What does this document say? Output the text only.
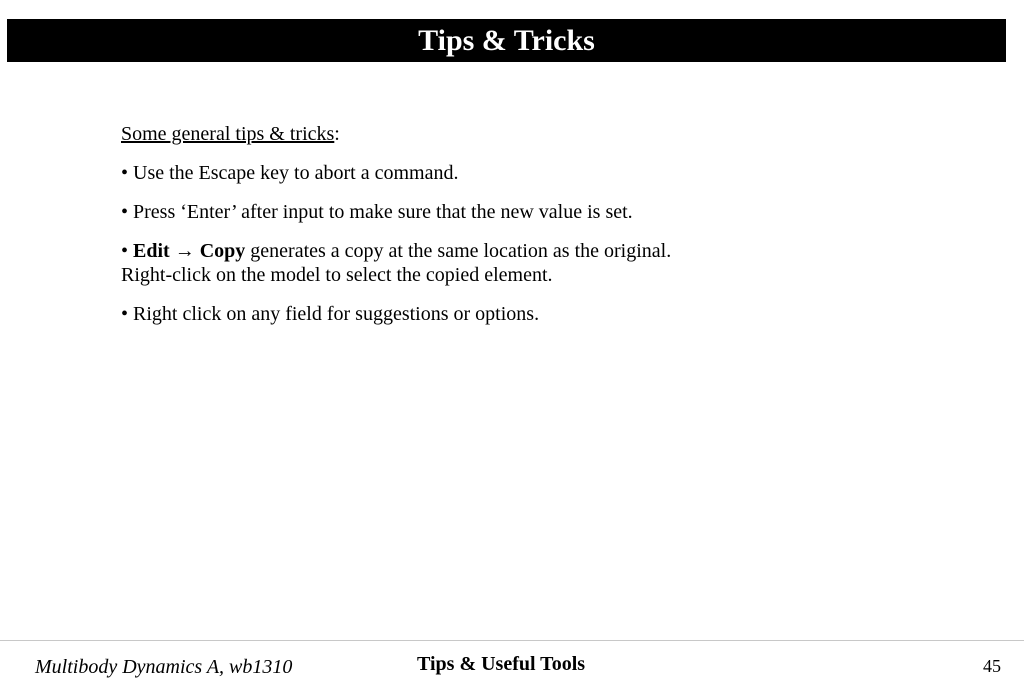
Tips & Tricks

Some general tips & tricks:

• Use the Escape key to abort a command.

• Press ‘Enter’ after input to make sure that the new value is set.

• Edit → Copy generates a copy at the same location as the original.
Right-click on the model to select the copied element.

• Right click on any field for suggestions or options.

Multibody Dynamics A, wb1310	Tips & Useful Tools	45
